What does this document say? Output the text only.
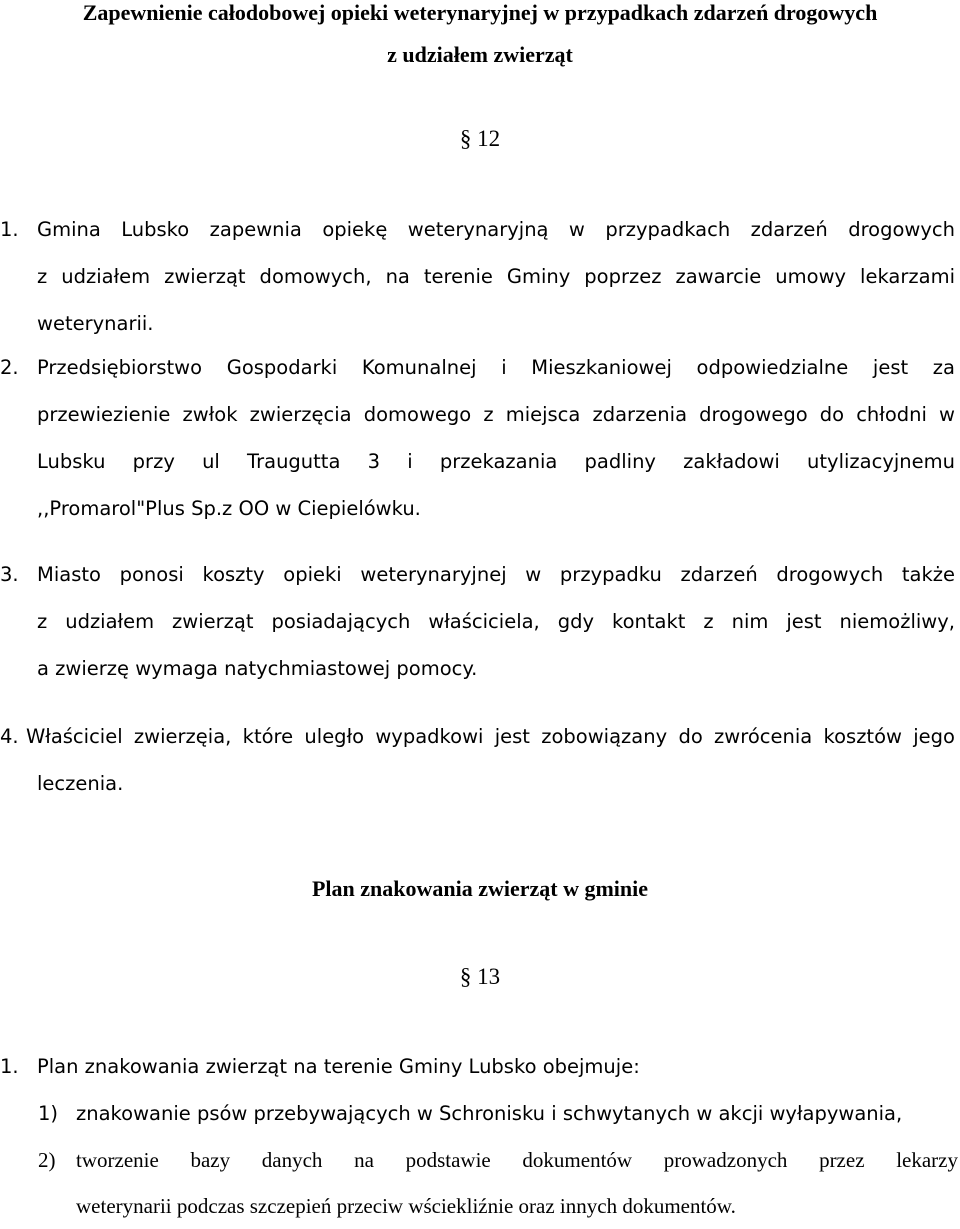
Zapewnienie całodobowej opieki weterynaryjnej w przypadkach zdarzeń drogowych
z udziałem zwierząt
§ 12
1. Gmina Lubsko zapewnia opiekę weterynaryjną w przypadkach zdarzeń drogowych
z udziałem zwierząt domowych, na terenie Gminy poprzez zawarcie umowy lekarzami
weterynarii.
2. Przedsiębiorstwo Gospodarki Komunalnej i Mieszkaniowej odpowiedzialne jest za
przewiezienie zwłok zwierzęcia domowego z miejsca zdarzenia drogowego do chłodni w
Lubsku przy ul Traugutta 3 i przekazania padliny zakładowi utylizacyjnemu
,,Promarol"Plus Sp.z OO w Ciepielówku.
3. Miasto ponosi koszty opieki weterynaryjnej w przypadku zdarzeń drogowych także
z udziałem zwierząt posiadających właściciela, gdy kontakt z nim jest niemożliwy,
a zwierzę wymaga natychmiastowej pomocy.
4. Właściciel zwierzęia, które uległo wypadkowi jest zobowiązany do zwrócenia kosztów jego
leczenia.
Plan znakowania zwierząt w gminie
§ 13
1. Plan znakowania zwierząt na terenie Gminy Lubsko obejmuje:
1) znakowanie psów przebywających w Schronisku i schwytanych w akcji wyłapywania,
2) tworzenie bazy danych na podstawie dokumentów prowadzonych przez lekarzy
weterynarii podczas szczepień przeciw wściekliźnie oraz innych dokumentów.
